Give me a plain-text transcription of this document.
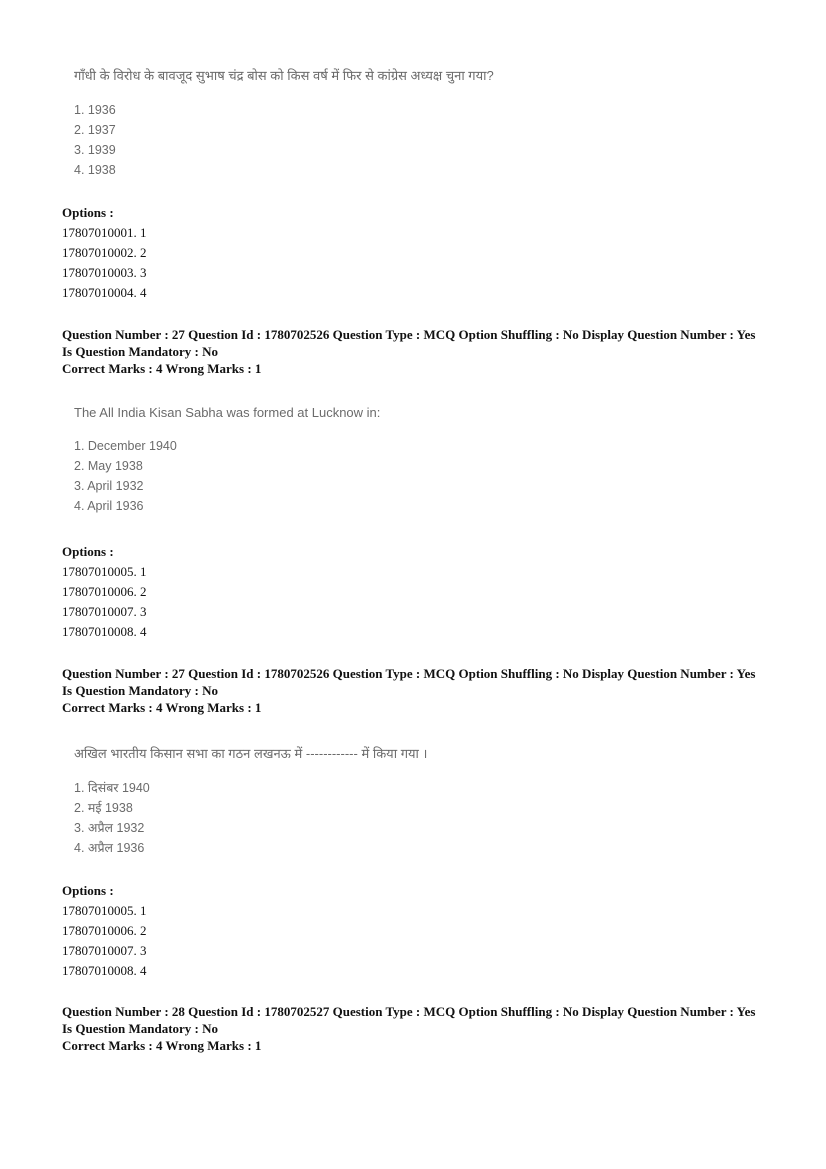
गाँधी के विरोध के बावजूद सुभाष चंद्र बोस को किस वर्ष में फिर से कांग्रेस अध्यक्ष चुना गया?
1. 1936
2. 1937
3. 1939
4. 1938
Options :
17807010001. 1
17807010002. 2
17807010003. 3
17807010004. 4
Question Number : 27 Question Id : 1780702526 Question Type : MCQ Option Shuffling : No Display Question Number : Yes
Is Question Mandatory : No
Correct Marks : 4 Wrong Marks : 1
The All India Kisan Sabha was formed at Lucknow in:
1. December 1940
2. May 1938
3. April 1932
4. April 1936
Options :
17807010005. 1
17807010006. 2
17807010007. 3
17807010008. 4
Question Number : 27 Question Id : 1780702526 Question Type : MCQ Option Shuffling : No Display Question Number : Yes
Is Question Mandatory : No
Correct Marks : 4 Wrong Marks : 1
अखिल भारतीय किसान सभा का गठन लखनऊ में ------------ में किया गया ।
1. दिसंबर 1940
2. मई 1938
3. अप्रैल 1932
4. अप्रैल 1936
Options :
17807010005. 1
17807010006. 2
17807010007. 3
17807010008. 4
Question Number : 28 Question Id : 1780702527 Question Type : MCQ Option Shuffling : No Display Question Number : Yes
Is Question Mandatory : No
Correct Marks : 4 Wrong Marks : 1
